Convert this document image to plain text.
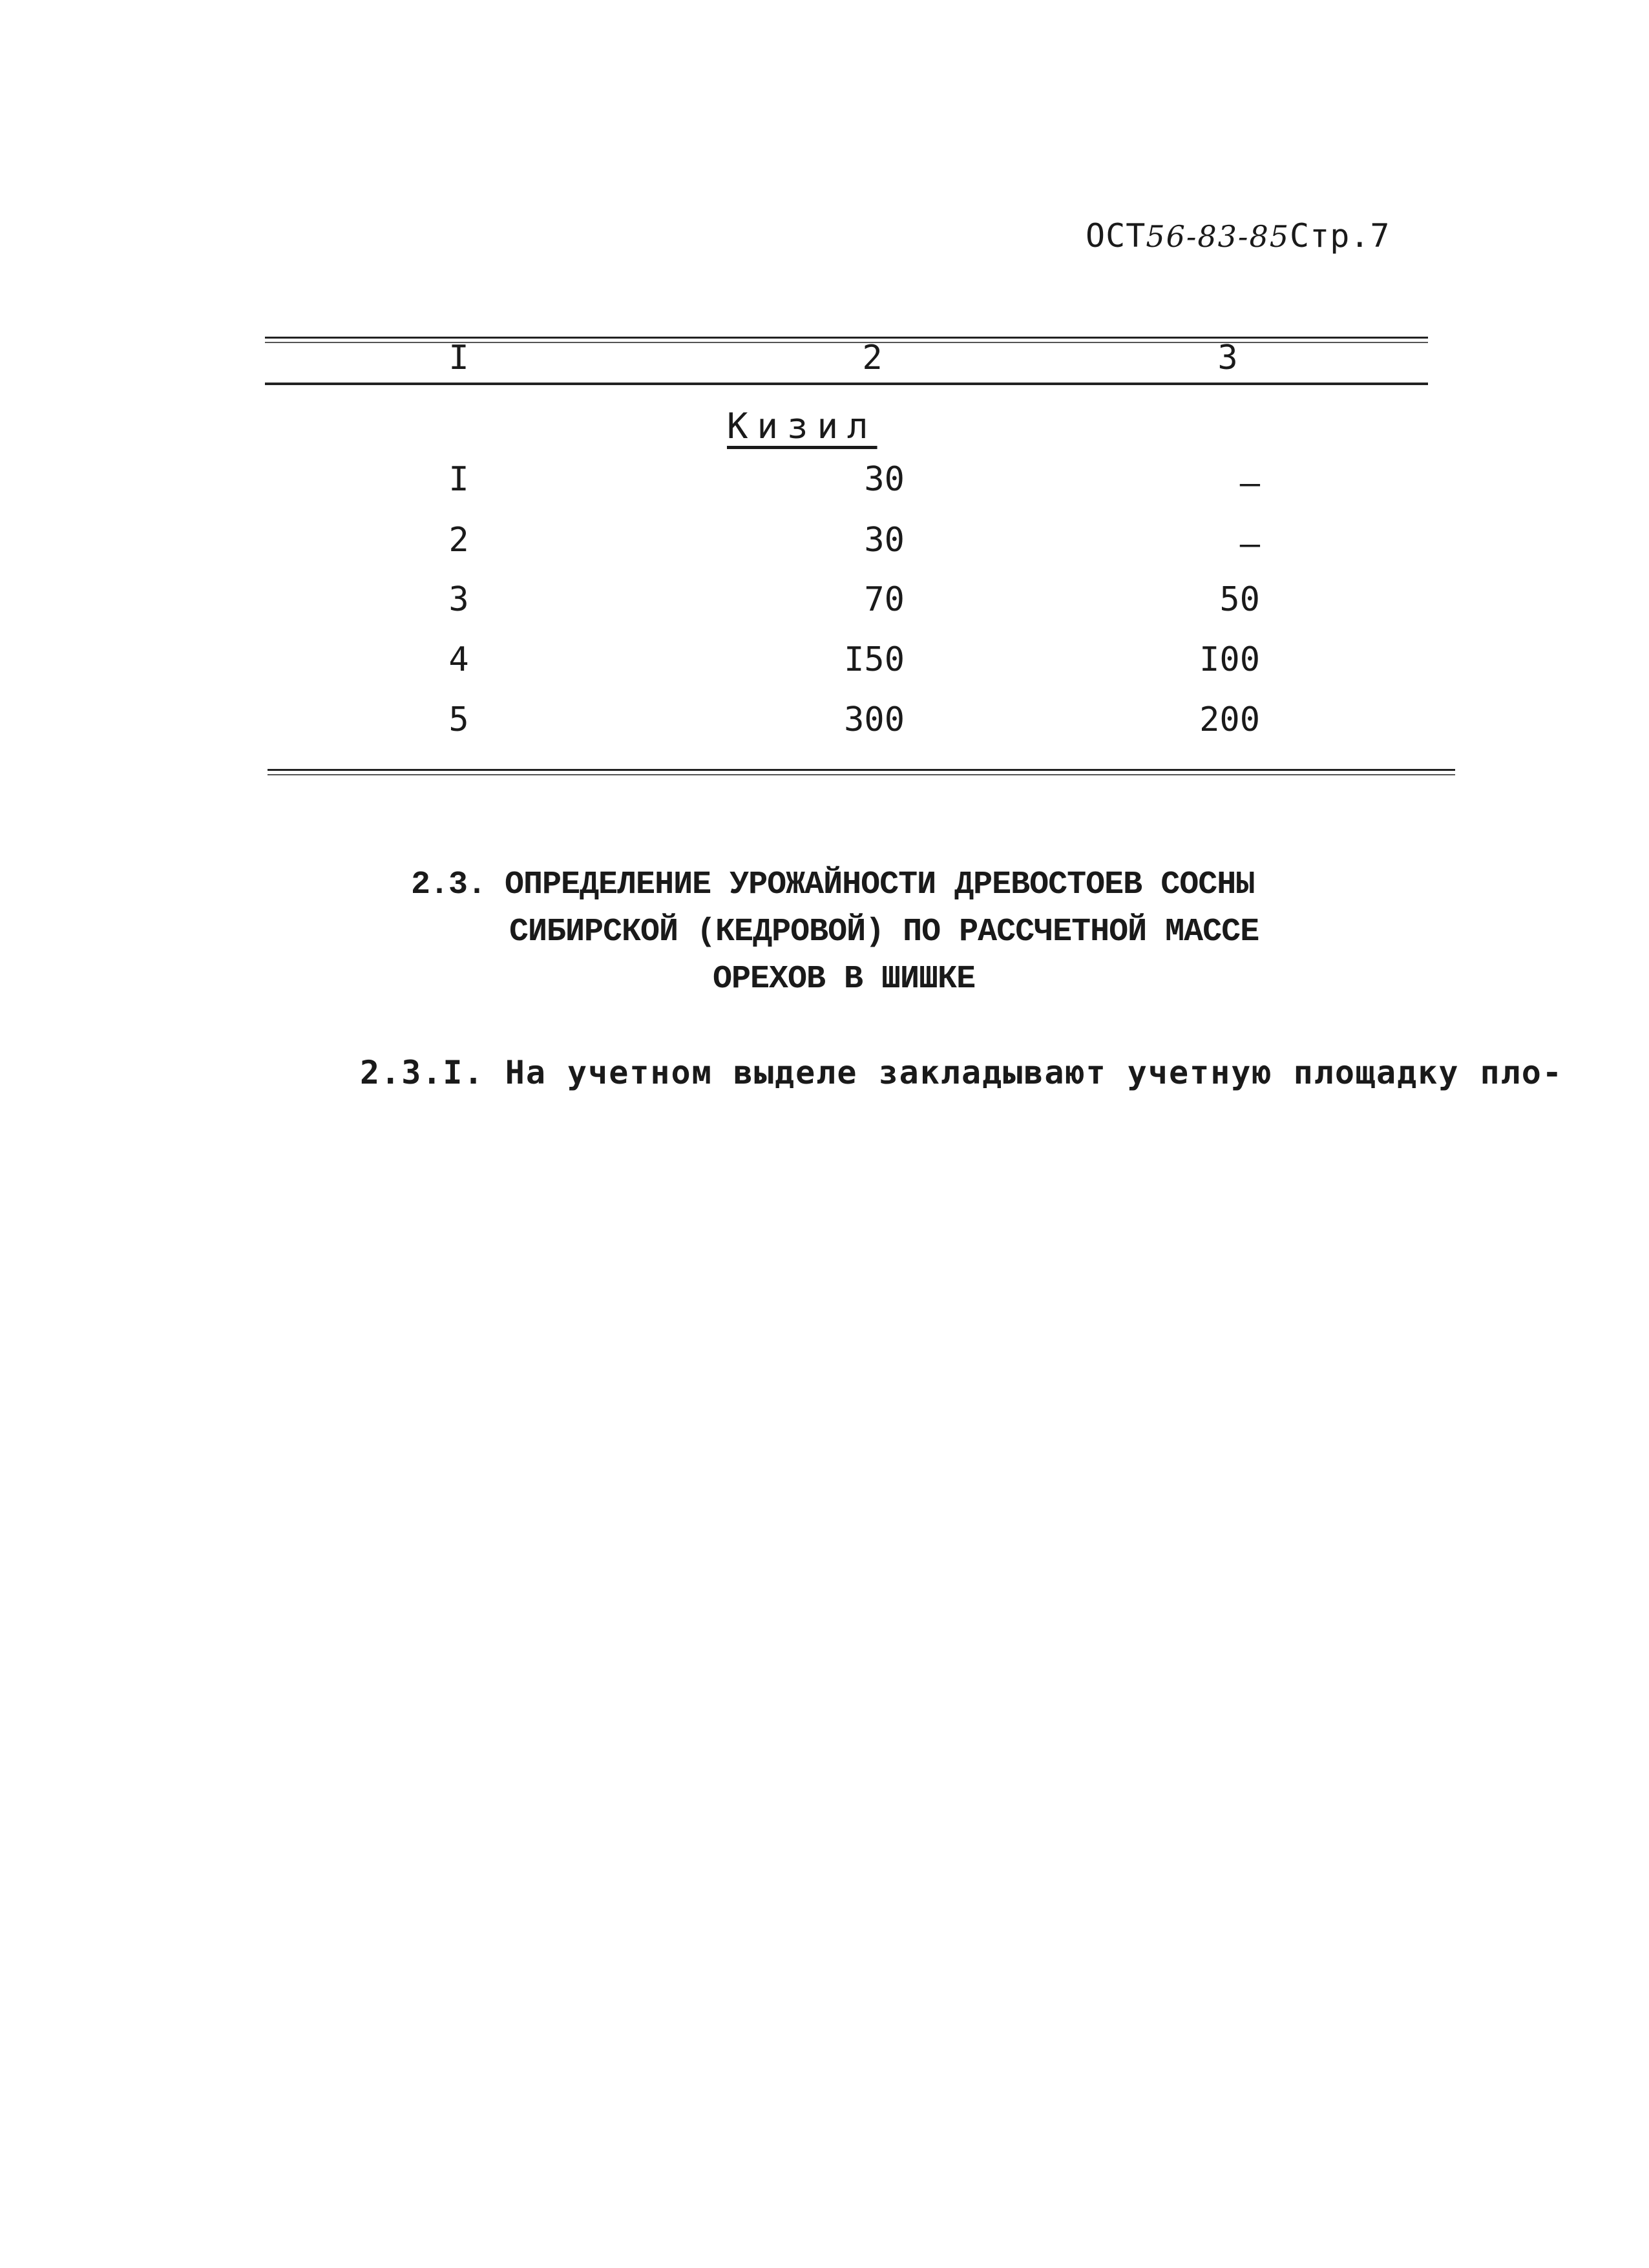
ОСТ56-83-85Стр.7
I	2	3
Кизил
I	30	–
2	30	–
3	70	50
4	I50	I00
5	300	200
2.3. ОПРЕДЕЛЕНИЕ УРОЖАЙНОСТИ ДРЕВОСТОЕВ СОСНЫ
СИБИРСКОЙ (КЕДРОВОЙ) ПО РАССЧЕТНОЙ МАССЕ
ОРЕХОВ В ШИШКЕ
2.3.I. На учетном выделе закладывают учетную площадку пло-
